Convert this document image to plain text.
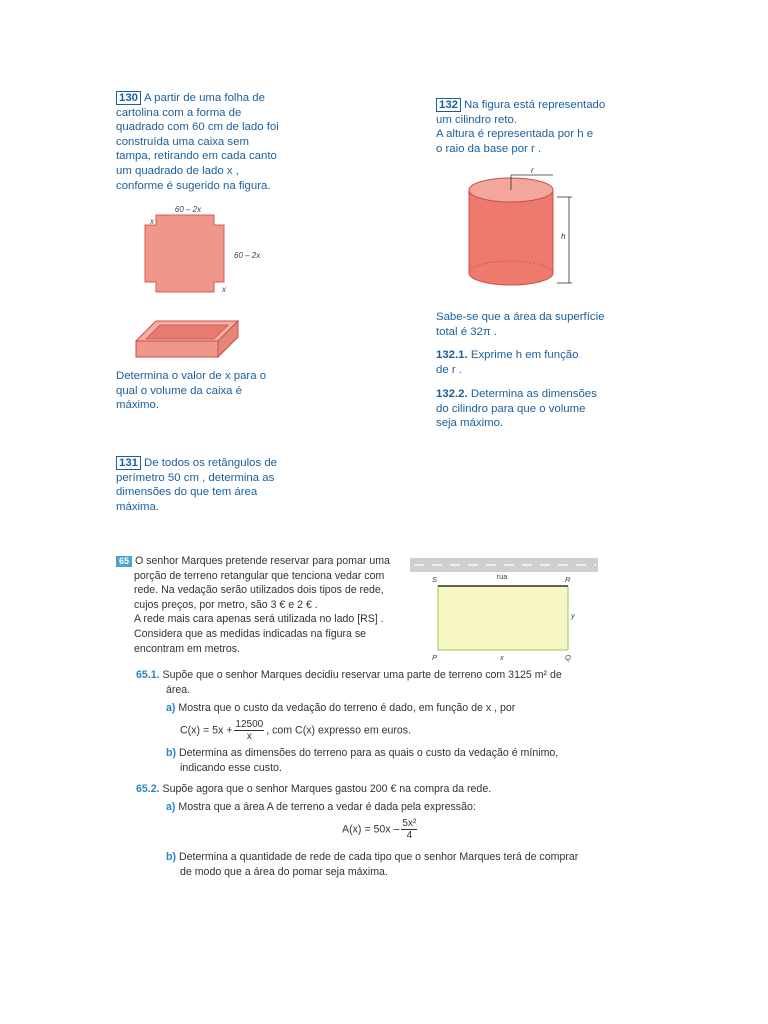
130 A partir de uma folha de
cartolina com a forma de
quadrado com 60 cm de lado foi
construída uma caixa sem
tampa, retirando em cada canto
um quadrado de lado x ,
conforme é sugerido na figura.
60 – 2x
60 – 2x
x
x
Determina o valor de x para o
qual o volume da caixa é
máximo.
131 De todos os retângulos de
perímetro 50 cm , determina as
dimensões do que tem área
máxima.
132 Na figura está representado
um cilindro reto.
A altura é representada por h e
o raio da base por r .
r
h
Sabe-se que a área da superfície
total é 32π .
132.1. Exprime h em função
de r .
132.2. Determina as dimensões
do cilindro para que o volume
seja máximo.
65 O senhor Marques pretende reservar para pomar uma
porção de terreno retangular que tenciona vedar com
rede. Na vedação serão utilizados dois tipos de rede,
cujos preços, por metro, são 3 € e 2 € .
A rede mais cara apenas será utilizada no lado [RS] .
Considera que as medidas indicadas na figura se
encontram em metros.
rua
S	R
P	Q
x
y
65.1. Supõe que o senhor Marques decidiu reservar uma parte de terreno com 3125 m² de
área.
a) Mostra que o custo da vedação do terreno é dado, em função de x , por
$C(x) = 5x + \frac{12500}{x}$ , com C(x) expresso em euros.
b) Determina as dimensões do terreno para as quais o custo da vedação é mínimo,
indicando esse custo.
65.2. Supõe agora que o senhor Marques gastou 200 € na compra da rede.
a) Mostra que a área A de terreno a vedar é dada pela expressão:
$A(x) = 50x - \frac{\text{5x²}}{4}$
b) Determina a quantidade de rede de cada tipo que o senhor Marques terá de comprar
de modo que a área do pomar seja máxima.
